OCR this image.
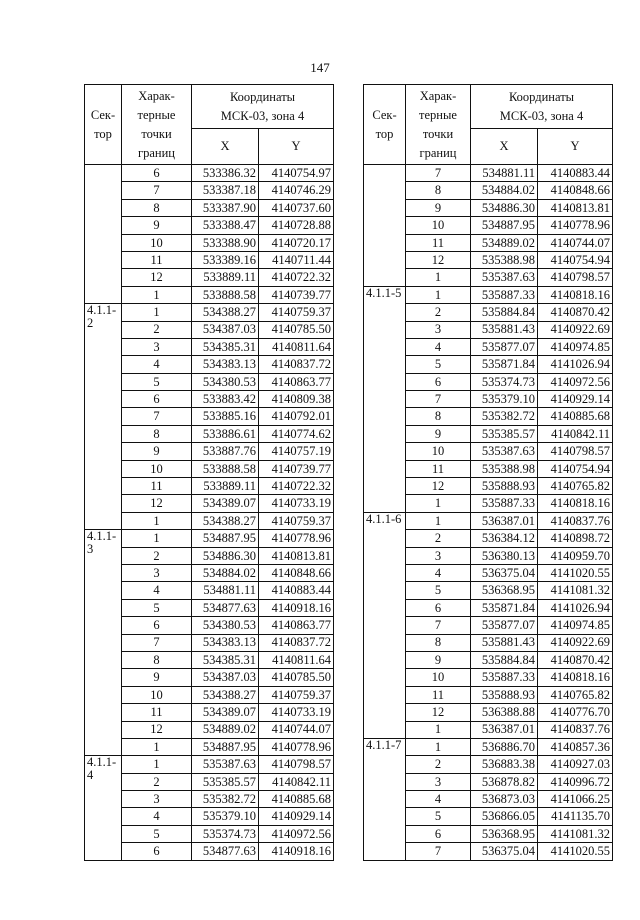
147
Сек-
тор	Харак-
терные
точки
границ	Координаты
МСК-03, зона 4	

		X	Y
	6	533386.32	4140754.97
	7	533387.18	4140746.29
	8	533387.90	4140737.60
	9	533388.47	4140728.88
	10	533388.90	4140720.17
	11	533389.16	4140711.44
	12	533889.11	4140722.32
	1	533888.58	4140739.77
4.1.1-2	1	534388.27	4140759.37
	2	534387.03	4140785.50
	3	534385.31	4140811.64
	4	534383.13	4140837.72
	5	534380.53	4140863.77
	6	533883.42	4140809.38
	7	533885.16	4140792.01
	8	533886.61	4140774.62
	9	533887.76	4140757.19
	10	533888.58	4140739.77
	11	533889.11	4140722.32
	12	534389.07	4140733.19
	1	534388.27	4140759.37
4.1.1-3	1	534887.95	4140778.96
	2	534886.30	4140813.81
	3	534884.02	4140848.66
	4	534881.11	4140883.44
	5	534877.63	4140918.16
	6	534380.53	4140863.77
	7	534383.13	4140837.72
	8	534385.31	4140811.64
	9	534387.03	4140785.50
	10	534388.27	4140759.37
	11	534389.07	4140733.19
	12	534889.02	4140744.07
	1	534887.95	4140778.96
4.1.1-4	1	535387.63	4140798.57
	2	535385.57	4140842.11
	3	535382.72	4140885.68
	4	535379.10	4140929.14
	5	535374.73	4140972.56
	6	534877.63	4140918.16
Сек-
тор	Харак-
терные
точки
границ	Координаты
МСК-03, зона 4	

		X	Y
	7	534881.11	4140883.44
	8	534884.02	4140848.66
	9	534886.30	4140813.81
	10	534887.95	4140778.96
	11	534889.02	4140744.07
	12	535388.98	4140754.94
	1	535387.63	4140798.57
4.1.1-5	1	535887.33	4140818.16
	2	535884.84	4140870.42
	3	535881.43	4140922.69
	4	535877.07	4140974.85
	5	535871.84	4141026.94
	6	535374.73	4140972.56
	7	535379.10	4140929.14
	8	535382.72	4140885.68
	9	535385.57	4140842.11
	10	535387.63	4140798.57
	11	535388.98	4140754.94
	12	535888.93	4140765.82
	1	535887.33	4140818.16
4.1.1-6	1	536387.01	4140837.76
	2	536384.12	4140898.72
	3	536380.13	4140959.70
	4	536375.04	4141020.55
	5	536368.95	4141081.32
	6	535871.84	4141026.94
	7	535877.07	4140974.85
	8	535881.43	4140922.69
	9	535884.84	4140870.42
	10	535887.33	4140818.16
	11	535888.93	4140765.82
	12	536388.88	4140776.70
	1	536387.01	4140837.76
4.1.1-7	1	536886.70	4140857.36
	2	536883.38	4140927.03
	3	536878.82	4140996.72
	4	536873.03	4141066.25
	5	536866.05	4141135.70
	6	536368.95	4141081.32
	7	536375.04	4141020.55
